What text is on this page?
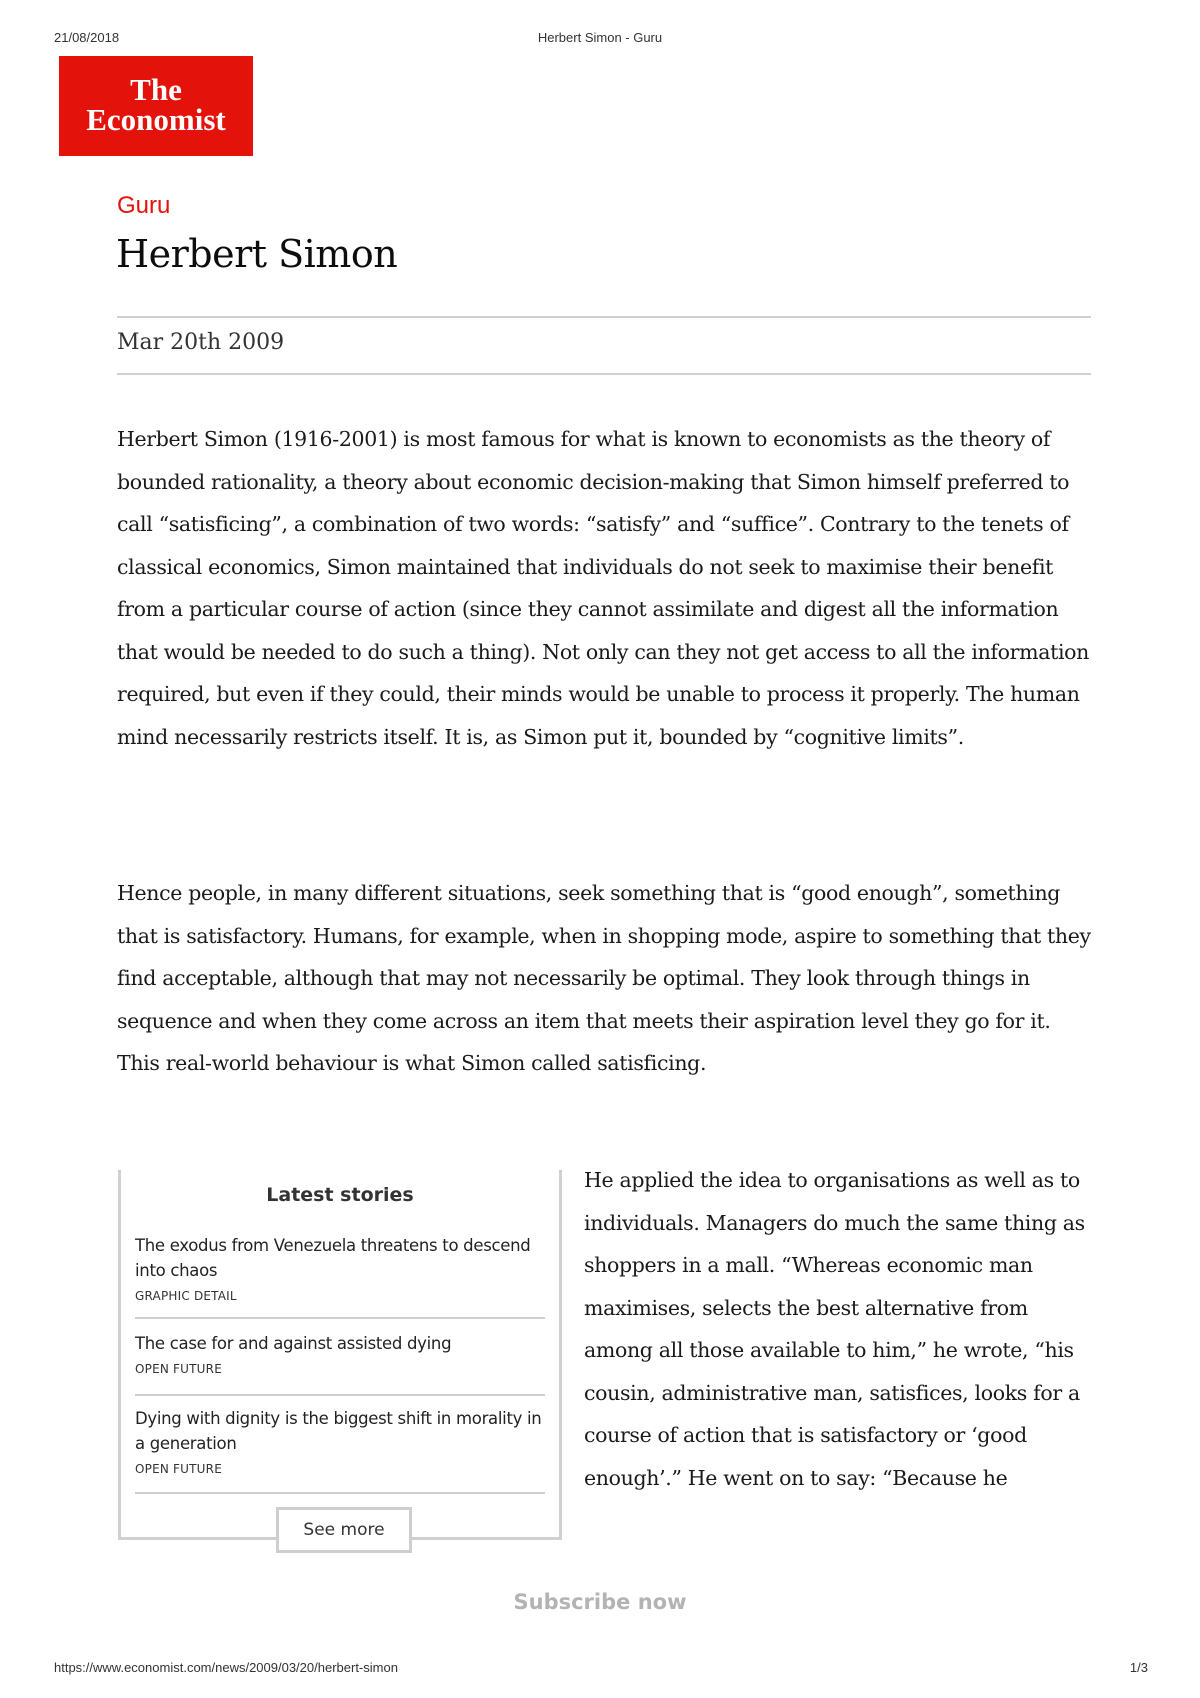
21/08/2018	Herbert Simon - Guru
The
Economist
Guru
Herbert Simon
Mar 20th 2009

Herbert Simon (1916-2001) is most famous for what is known to economists as the theory of bounded rationality, a theory about economic decision-making that Simon himself preferred to call “satisficing”, a combination of two words: “satisfy” and “suffice”. Contrary to the tenets of classical economics, Simon maintained that individuals do not seek to maximise their benefit from a particular course of action (since they cannot assimilate and digest all the information that would be needed to do such a thing). Not only can they not get access to all the information required, but even if they could, their minds would be unable to process it properly. The human mind necessarily restricts itself. It is, as Simon put it, bounded by “cognitive limits”.

Hence people, in many different situations, seek something that is “good enough”, something that is satisfactory. Humans, for example, when in shopping mode, aspire to something that they find acceptable, although that may not necessarily be optimal. They look through things in sequence and when they come across an item that meets their aspiration level they go for it. This real-world behaviour is what Simon called satisficing.

Latest stories
The exodus from Venezuela threatens to descend into chaos
GRAPHIC DETAIL
The case for and against assisted dying
OPEN FUTURE
Dying with dignity is the biggest shift in morality in a generation
OPEN FUTURE
See more

He applied the idea to organisations as well as to individuals. Managers do much the same thing as shoppers in a mall. “Whereas economic man maximises, selects the best alternative from among all those available to him,” he wrote, “his cousin, administrative man, satisfices, looks for a course of action that is satisfactory or ‘good enough’.” He went on to say: “Because he

Subscribe now
https://www.economist.com/news/2009/03/20/herbert-simon	1/3
